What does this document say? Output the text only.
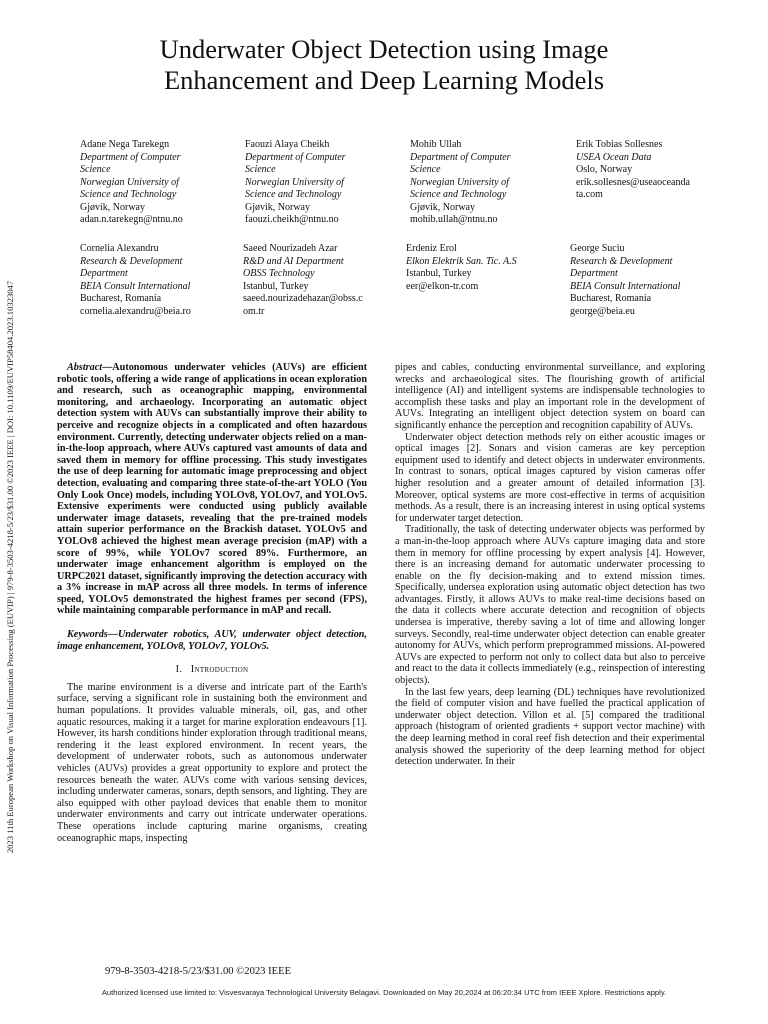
2023 11th European Workshop on Visual Information Processing (EUVIP) | 979-8-3503-4218-5/23/$31.00 ©2023 IEEE | DOI: 10.1109/EUVIP58404.2023.10323047
Underwater Object Detection using Image
Enhancement and Deep Learning Models
Adane Nega Tarekegn
Department of Computer
Science
Norwegian University of
Science and Technology
Gjøvik, Norway
adan.n.tarekegn@ntnu.no
Faouzi Alaya Cheikh
Department of Computer
Science
Norwegian University of
Science and Technology
Gjøvik, Norway
faouzi.cheikh@ntnu.no
Mohib Ullah
Department of Computer
Science
Norwegian University of
Science and Technology
Gjøvik, Norway
mohib.ullah@ntnu.no
Erik Tobias Sollesnes
USEA Ocean Data
Oslo, Norway
erik.sollesnes@useaoceanda
ta.com
Cornelia Alexandru
Research & Development
Department
BEIA Consult International
Bucharest, Romania
cornelia.alexandru@beia.ro
Saeed Nourizadeh Azar
R&D and AI Department
OBSS Technology
Istanbul, Turkey
saeed.nourizadehazar@obss.c
om.tr
Erdeniz Erol
Elkon Elektrik San. Tic. A.S
Istanbul, Turkey
eer@elkon-tr.com
George Suciu
Research & Development
Department
BEIA Consult International
Bucharest, Romania
george@beia.eu

Abstract—Autonomous underwater vehicles (AUVs) are efficient robotic tools, offering a wide range of applications in ocean exploration and research, such as oceanographic mapping, environmental monitoring, and archaeology. Incorporating an automatic object detection system with AUVs can substantially improve their ability to perceive and recognize objects in a complicated and often hazardous environment. Currently, detecting underwater objects relied on a man-in-the-loop approach, where AUVs captured vast amounts of data and saved them in memory for offline processing. This study investigates the use of deep learning for automatic image preprocessing and object detection, evaluating and comparing three state-of-the-art YOLO (You Only Look Once) models, including YOLOv8, YOLOv7, and YOLOv5. Extensive experiments were conducted using publicly available underwater image datasets, revealing that the pre-trained models attain superior performance on the Brackish dataset. YOLOv5 and YOLOv8 achieved the highest mean average precision (mAP) with a score of 99%, while YOLOv7 scored 89%. Furthermore, an underwater image enhancement algorithm is employed on the URPC2021 dataset, significantly improving the detection accuracy with a 3% increase in mAP across all three models. In terms of inference speed, YOLOv5 demonstrated the highest frames per second (FPS), while maintaining comparable performance in mAP and recall.

Keywords—Underwater robotics, AUV, underwater object detection, image enhancement, YOLOv8, YOLOv7, YOLOv5.

I. Introduction

The marine environment is a diverse and intricate part of the Earth's surface, serving a significant role in sustaining both the environment and human populations. It provides valuable minerals, oil, gas, and other aquatic resources, making it a target for marine exploration endeavours [1]. However, its harsh conditions hinder exploration through traditional means, rendering it the least explored environment. In recent years, the development of underwater robots, such as autonomous underwater vehicles (AUVs) provides a great opportunity to explore and protect the resources beneath the water. AUVs come with various sensing devices, including underwater cameras, sonars, depth sensors, and lighting. They are also equipped with other payload devices that enable them to monitor underwater environments and carry out intricate underwater operations. These operations include capturing marine organisms, creating oceanographic maps, inspecting

pipes and cables, conducting environmental surveillance, and exploring wrecks and archaeological sites. The flourishing growth of artificial intelligence (AI) and intelligent systems are indispensable technologies to accomplish these tasks and play an important role in the development of AUVs. Integrating an intelligent object detection system on board can significantly enhance the perception and recognition capability of AUVs.

Underwater object detection methods rely on either acoustic images or optical images [2]. Sonars and vision cameras are key perception equipment used to identify and detect objects in underwater environments. In contrast to sonars, optical images captured by vision cameras offer higher resolution and a greater amount of detailed information [3]. Moreover, optical systems are more cost-effective in terms of acquisition methods. As a result, there is an increasing interest in using optical systems for underwater target detection.

Traditionally, the task of detecting underwater objects was performed by a man-in-the-loop approach where AUVs capture imaging data and store them in memory for offline processing by expert analysis [4]. However, there is an increasing demand for automatic underwater processing to enable on the fly decision-making and to extend mission times. Specifically, undersea exploration using automatic object detection has two advantages. Firstly, it allows AUVs to make real-time decisions based on the data it collects where accurate detection and recognition of objects undersea is imperative, thereby saving a lot of time and allowing longer surveys. Secondly, real-time underwater object detection can enable greater autonomy for AUVs, which perform preprogrammed missions. AI-powered AUVs are expected to perform not only to collect data but also to perceive and react to the data it collects immediately (e.g., reinspection of interesting objects).

In the last few years, deep learning (DL) techniques have revolutionized the field of computer vision and have fuelled the practical application of underwater object detection. Villon et al. [5] compared the traditional approach (histogram of oriented gradients + support vector machine) with the deep learning method in coral reef fish detection and their experimental analysis showed the superiority of the deep learning method for object detection underwater. In their

979-8-3503-4218-5/23/$31.00 ©2023 IEEE
Authorized licensed use limited to: Visvesvaraya Technological University Belagavi. Downloaded on May 20,2024 at 06:20:34 UTC from IEEE Xplore. Restrictions apply.
